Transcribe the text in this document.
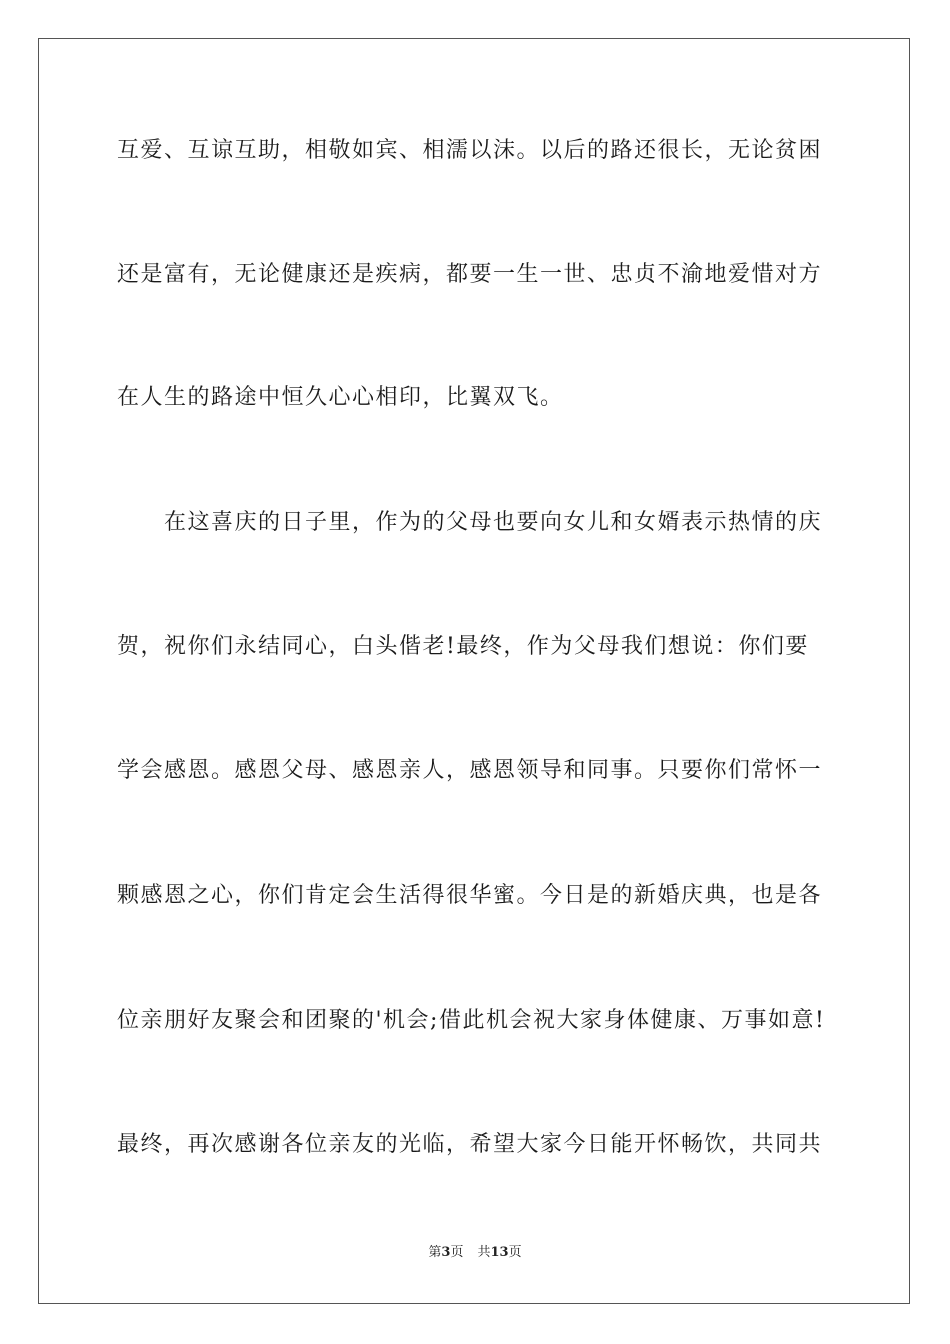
互爱、互谅互助，相敬如宾、相濡以沫。以后的路还很长，无论贫困
还是富有，无论健康还是疾病，都要一生一世、忠贞不渝地爱惜对方
在人生的路途中恒久心心相印，比翼双飞。
　　在这喜庆的日子里，作为的父母也要向女儿和女婿表示热情的庆
贺，祝你们永结同心，白头偕老!最终，作为父母我们想说：你们要
学会感恩。感恩父母、感恩亲人，感恩领导和同事。只要你们常怀一
颗感恩之心，你们肯定会生活得很华蜜。今日是的新婚庆典，也是各
位亲朋好友聚会和团聚的'机会;借此机会祝大家身体健康、万事如意!
最终，再次感谢各位亲友的光临，希望大家今日能开怀畅饮，共同共
第3页 共13页
